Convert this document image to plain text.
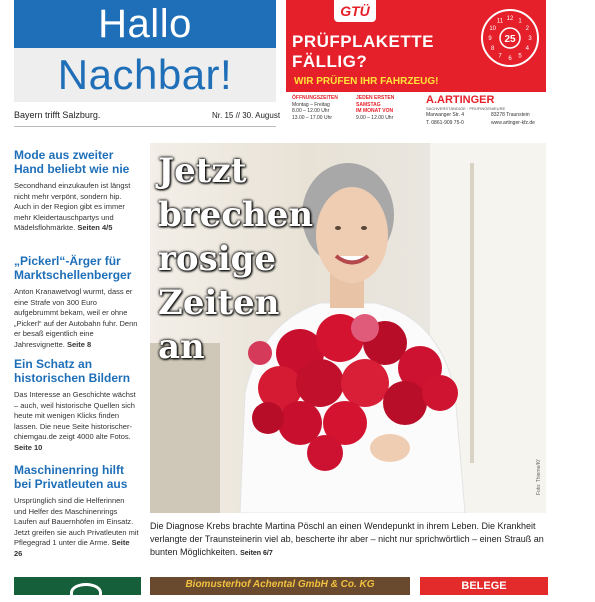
Hallo
Nachbar!
Bayern trifft Salzburg.	Nr. 15 // 30. August
GTÜ
PRÜFPLAKETTE
FÄLLIG?
WIR PRÜFEN IHR FAHRZEUG!
25
12 1
2
3
4
5
6
7
8
9
10
11
ÖFFNUNGSZEITEN
Montag – Freitag
8.00 – 12.00 Uhr
13.00 – 17.00 Uhr
JEDEN ERSTEN
SAMSTAG
IM MONAT VON
9.00 – 12.00 Uhr
A.ARTINGER
SACHVERSTÄNDIGE · PRÜFINGENIEURE
Marwanger Str. 4	83278 Traunstein
T. 0861-909 75-0	www.artinger-kfz.de

Mode aus zweiter Hand beliebt wie nie

Secondhand einzukaufen ist längst nicht mehr verpönt, sondern hip. Auch in der Region gibt es immer mehr Kleidertauschpartys und Mädelsflohmärkte. Seiten 4/5

„Pickerl“-Ärger für Marktschellenberger

Anton Kranawetvogl wurmt, dass er eine Strafe von 300 Euro aufgebrummt bekam, weil er ohne „Pickerl“ auf der Autobahn fuhr. Denn er besaß eigentlich eine Jahresvignette. Seite 8

Ein Schatz an historischen Bildern

Das Interesse an Geschichte wächst – auch, weil historische Quellen sich heute mit wenigen Klicks finden lassen. Die neue Seite historischer-chiemgau.de zeigt 4000 alte Fotos. Seite 10

Maschinenring hilft bei Privatleuten aus

Ursprünglich sind die Helferinnen und Helfer des Maschinenrings Laufen auf Bauernhöfen im Einsatz. Jetzt greifen sie auch Privatleuten mit Pflegegrad 1 unter die Arme. Seite 26

Jetzt
brechen
rosige
Zeiten
an
Foto: Thieme/Kf
Die Diagnose Krebs brachte Martina Pöschl an einen Wendepunkt in ihrem Leben. Die Krankheit verlangte der Traunsteinerin viel ab, bescherte ihr aber – nicht nur sprichwörtlich – einen Strauß an bunten Möglichkeiten. Seiten 6/7
Biomusterhof Achental GmbH & Co. KG	BELEGE
